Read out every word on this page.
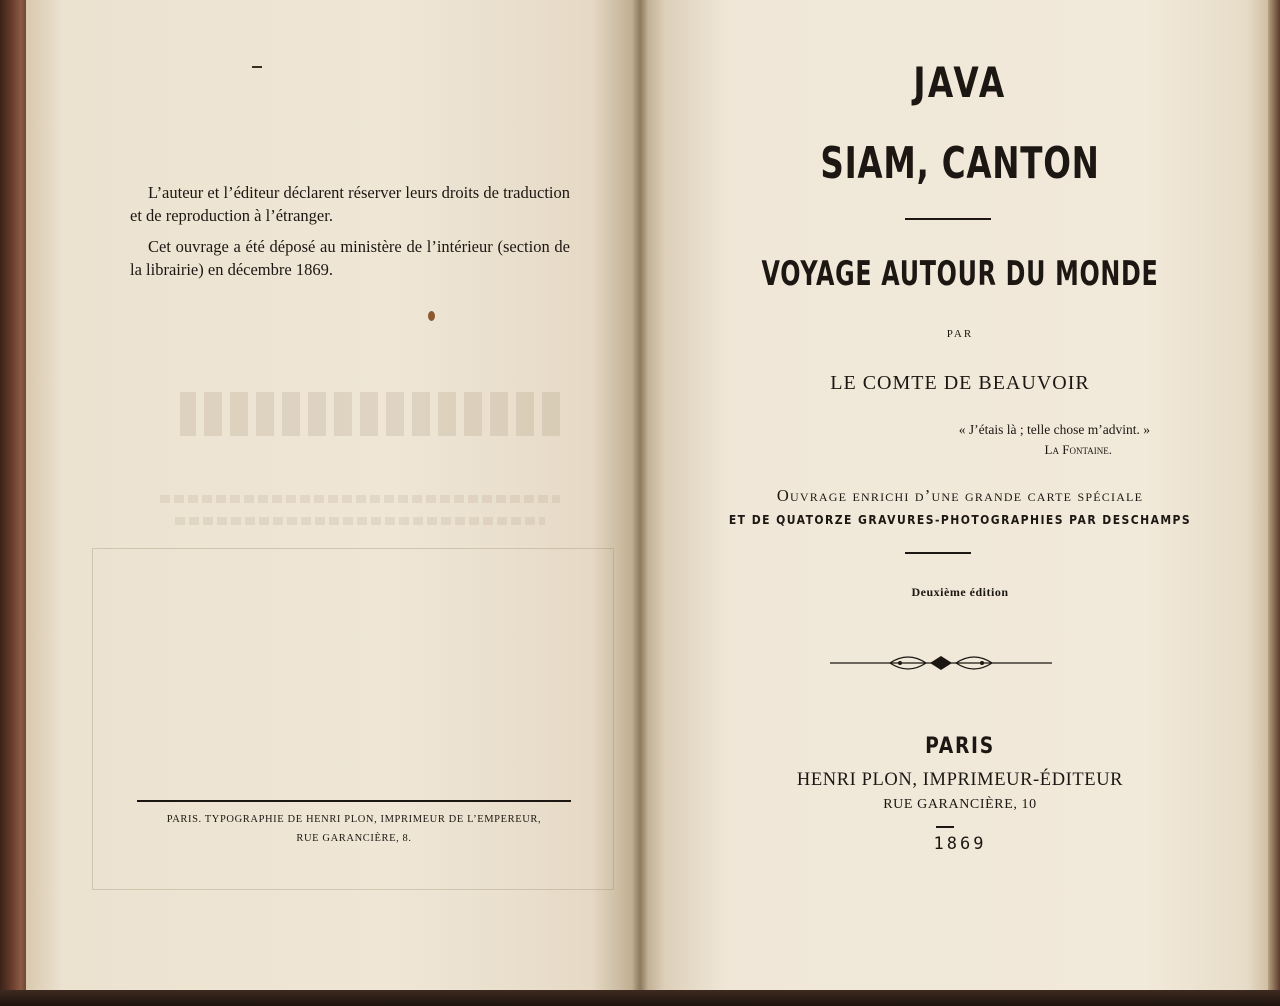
L’auteur et l’éditeur déclarent réserver leurs droits de traduction et de reproduction à l’étranger.

Cet ouvrage a été déposé au ministère de l’intérieur (section de la librairie) en décembre 1869.

PARIS. TYPOGRAPHIE DE HENRI PLON, IMPRIMEUR DE L’EMPEREUR,
RUE GARANCIÈRE, 8.
JAVA
SIAM, CANTON
VOYAGE AUTOUR DU MONDE
PAR
LE COMTE DE BEAUVOIR
« J’étais là ; telle chose m’advint. »
La Fontaine.
Ouvrage enrichi d’une grande carte spéciale
ET DE QUATORZE GRAVURES-PHOTOGRAPHIES PAR DESCHAMPS
Deuxième édition
PARIS
HENRI PLON, IMPRIMEUR-ÉDITEUR
RUE GARANCIÈRE, 10
1869
